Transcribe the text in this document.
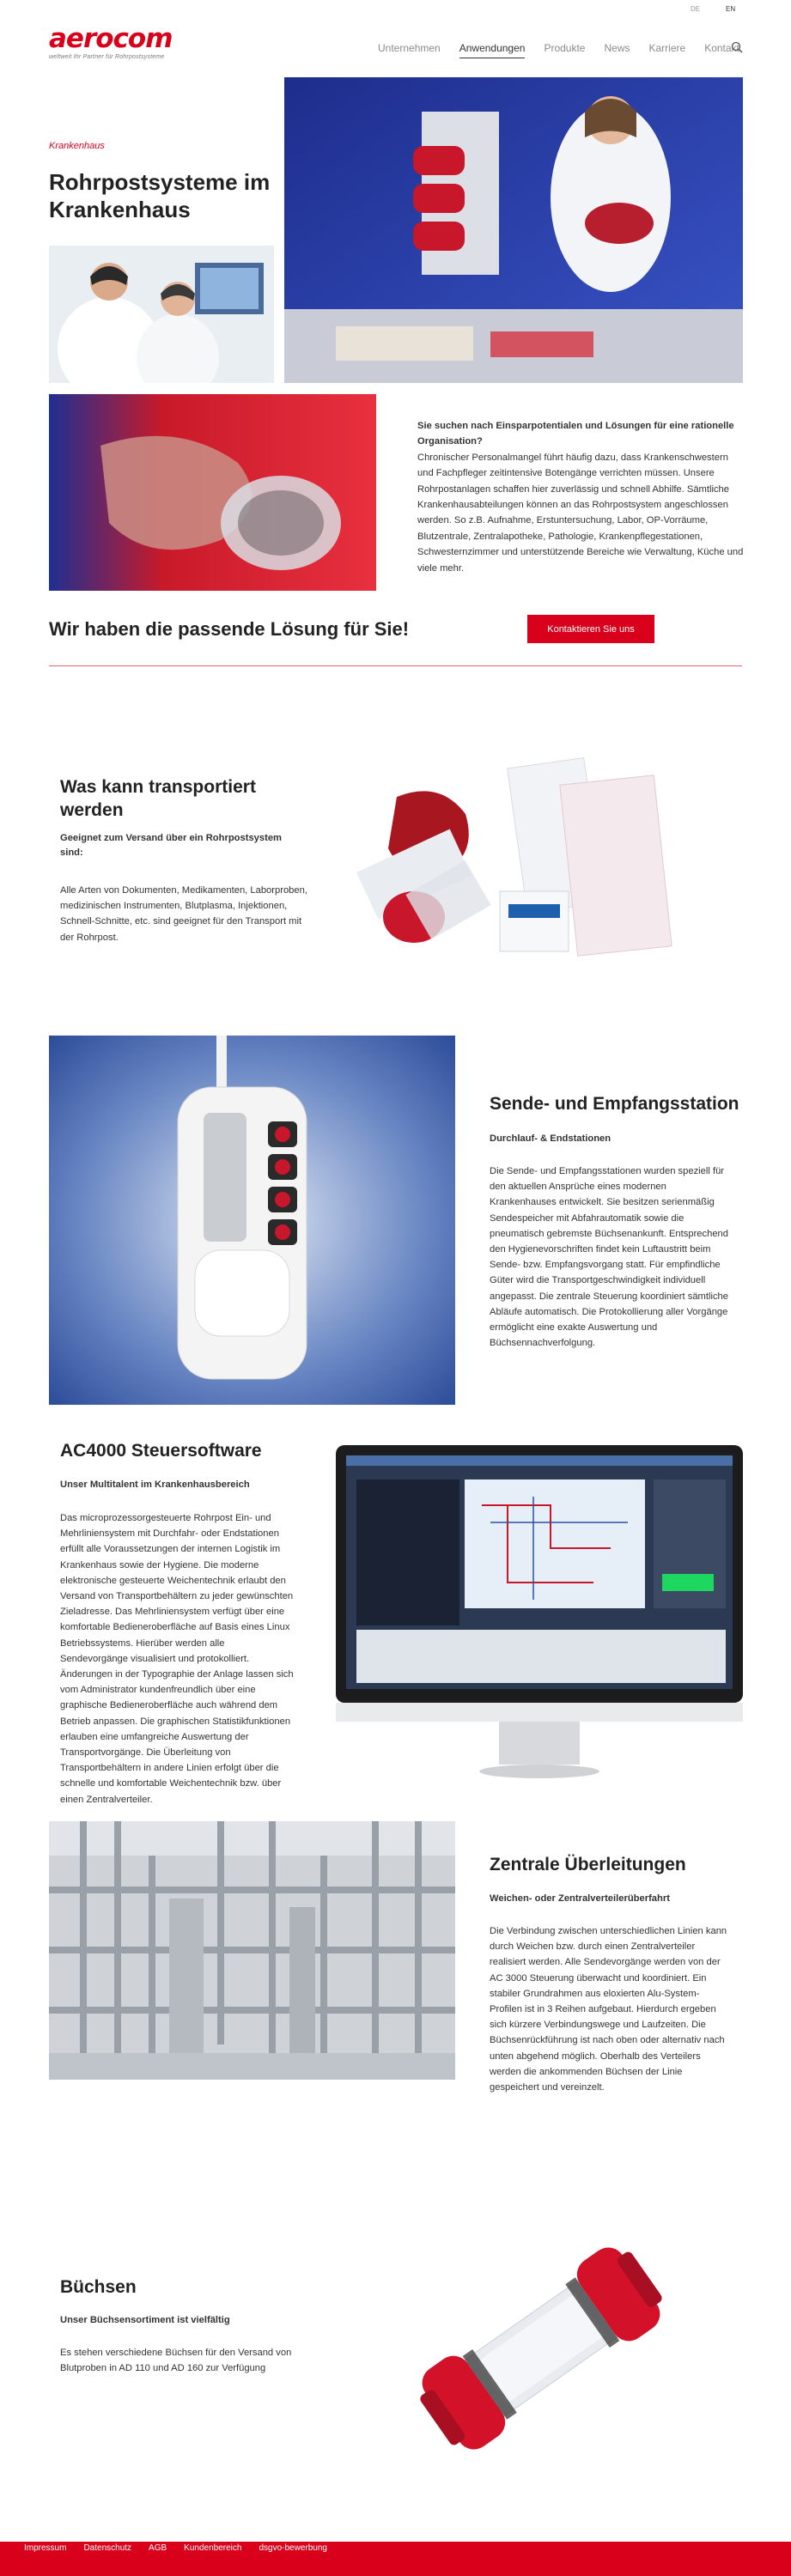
DE	EN
aerocom
weltweit Ihr Partner für Rohrpostsysteme
Unternehmen Anwendungen Produkte News Karriere Kontakt
Krankenhaus
Rohrpostsysteme im Krankenhaus
Sie suchen nach Einsparpotentialen und Lösungen für eine rationelle Organisation?
Chronischer Personalmangel führt häufig dazu, dass Krankenschwestern und Fachpfleger zeitintensive Botengänge verrichten müssen. Unsere Rohrpostanlagen schaffen hier zuverlässig und schnell Abhilfe. Sämtliche Krankenhausabteilungen können an das Rohrpostsystem angeschlossen werden. So z.B. Aufnahme, Erstuntersuchung, Labor, OP-Vorräume, Blutzentrale, Zentralapotheke, Pathologie, Krankenpflegestationen, Schwesternzimmer und unterstützende Bereiche wie Verwaltung, Küche und viele mehr.
Wir haben die passende Lösung für Sie!	Kontaktieren Sie uns
Was kann transportiert werden

Geeignet zum Versand über ein Rohrpostsystem sind:

Alle Arten von Dokumenten, Medikamenten, Laborproben, medizinischen Instrumenten, Blutplasma, Injektionen, Schnell-Schnitte, etc. sind geeignet für den Transport mit der Rohrpost.

Sende- und Empfangsstation

Durchlauf- & Endstationen

Die Sende- und Empfangsstationen wurden speziell für den aktuellen Ansprüche eines modernen Krankenhauses entwickelt. Sie besitzen serienmäßig Sendespeicher mit Abfahrautomatik sowie die pneumatisch gebremste Büchsenankunft. Entsprechend den Hygienevorschriften findet kein Luftaustritt beim Sende- bzw. Empfangsvorgang statt. Für empfindliche Güter wird die Transportgeschwindigkeit individuell angepasst. Die zentrale Steuerung koordiniert sämtliche Abläufe automatisch. Die Protokollierung aller Vorgänge ermöglicht eine exakte Auswertung und Büchsennachverfolgung.

AC4000 Steuersoftware

Unser Multitalent im Krankenhausbereich

Das microprozessorgesteuerte Rohrpost Ein- und Mehrliniensystem mit Durchfahr- oder Endstationen erfüllt alle Voraussetzungen der internen Logistik im Krankenhaus sowie der Hygiene. Die moderne elektronische gesteuerte Weichentechnik erlaubt den Versand von Transportbehältern zu jeder gewünschten Zieladresse. Das Mehrliniensystem verfügt über eine komfortable Bedieneroberfläche auf Basis eines Linux Betriebssystems. Hierüber werden alle Sendevorgänge visualisiert und protokolliert. Änderungen in der Typographie der Anlage lassen sich vom Administrator kundenfreundlich über eine graphische Bedieneroberfläche auch während dem Betrieb anpassen. Die graphischen Statistikfunktionen erlauben eine umfangreiche Auswertung der Transportvorgänge. Die Überleitung von Transportbehältern in andere Linien erfolgt über die schnelle und komfortable Weichentechnik bzw. über einen Zentralverteiler.

Zentrale Überleitungen

Weichen- oder Zentralverteilerüberfahrt

Die Verbindung zwischen unterschiedlichen Linien kann durch Weichen bzw. durch einen Zentralverteiler realisiert werden. Alle Sendevorgänge werden von der AC 3000 Steuerung überwacht und koordiniert. Ein stabiler Grundrahmen aus eloxierten Alu-System-Profilen ist in 3 Reihen aufgebaut. Hierdurch ergeben sich kürzere Verbindungswege und Laufzeiten. Die Büchsenrückführung ist nach oben oder alternativ nach unten abgehend möglich. Oberhalb des Verteilers werden die ankommenden Büchsen der Linie gespeichert und vereinzelt.

Büchsen

Unser Büchsensortiment ist vielfältig

Es stehen verschiedene Büchsen für den Versand von Blutproben in AD 110 und AD 160 zur Verfügung

Impressum Datenschutz AGB Kundenbereich dsgvo-bewerbung
